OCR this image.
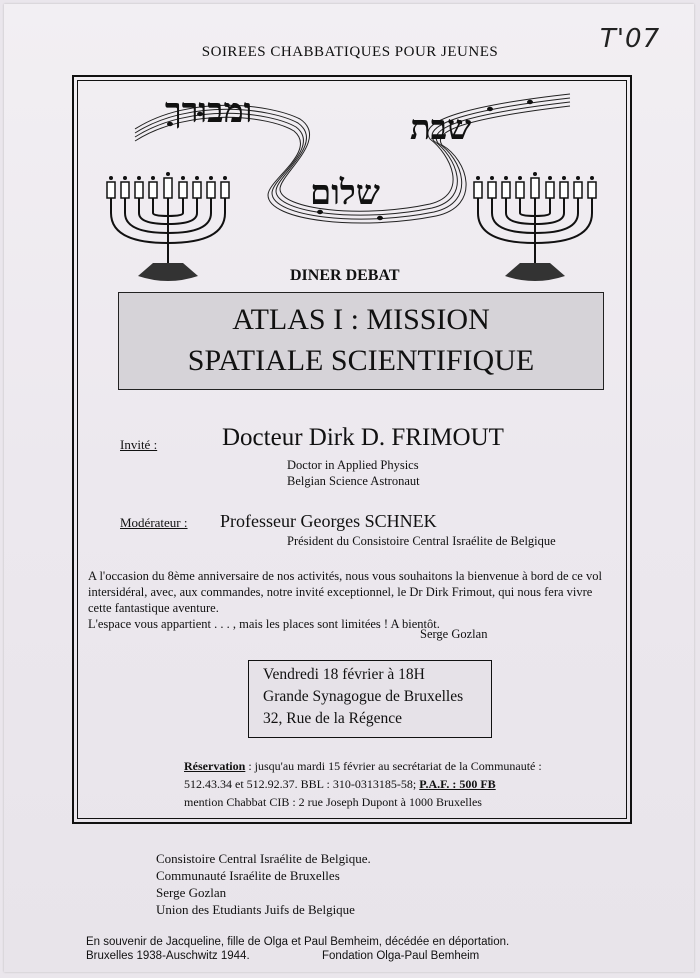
T'07
SOIREES CHABBATIQUES POUR JEUNES
ומבורך	שבת
שלום
DINER DEBAT
ATLAS I : MISSION
SPATIALE SCIENTIFIQUE
Invité :	Docteur Dirk D. FRIMOUT
Doctor in Applied Physics
Belgian Science Astronaut
Modérateur : Professeur Georges SCHNEK
Président du Consistoire Central Israélite de Belgique
A l'occasion du 8ème anniversaire de nos activités, nous vous souhaitons la bienvenue à bord de ce vol
intersidéral, avec, aux commandes, notre invité exceptionnel, le Dr Dirk Frimout, qui nous fera vivre
cette fantastique aventure.
L'espace vous appartient . . . , mais les places sont limitées ! A bientôt.
Serge Gozlan
Vendredi 18 février à 18H
Grande Synagogue de Bruxelles
32, Rue de la Régence
Réservation : jusqu'au mardi 15 février au secrétariat de la Communauté :
512.43.34 et 512.92.37. BBL : 310-0313185-58; P.A.F. : 500 FB
mention Chabbat CIB : 2 rue Joseph Dupont à 1000 Bruxelles
Consistoire Central Israélite de Belgique.
Communauté Israélite de Bruxelles
Serge Gozlan
Union des Etudiants Juifs de Belgique
En souvenir de Jacqueline, fille de Olga et Paul Bemheim, décédée en déportation.
Bruxelles 1938-Auschwitz 1944.	Fondation Olga-Paul Bemheim
